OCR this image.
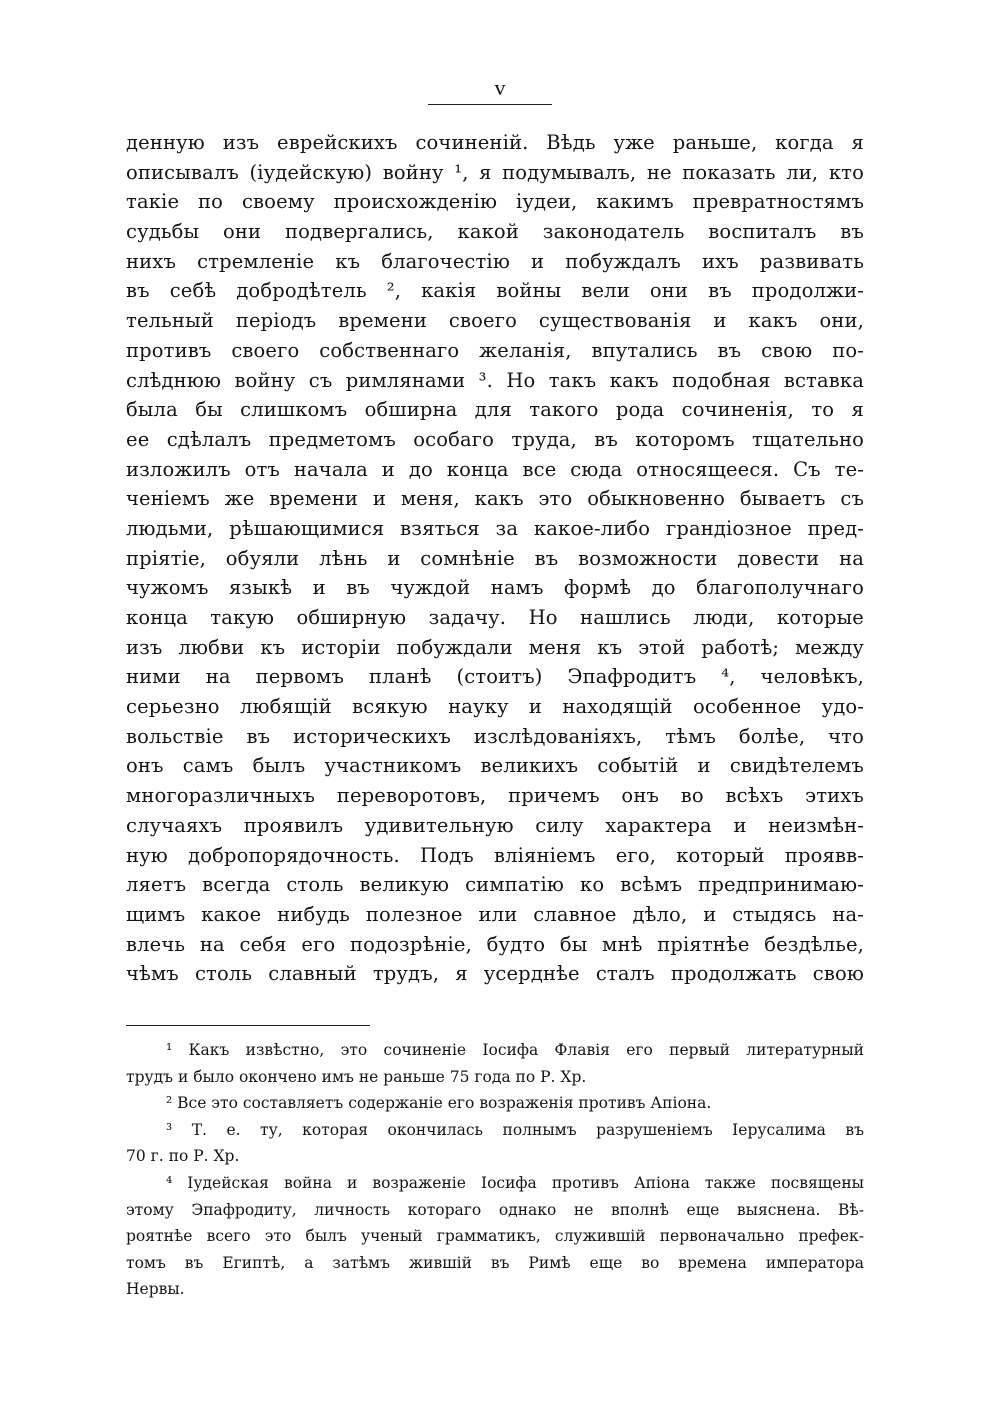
v
денную изъ еврейскихъ сочиненій. Вѣдь уже раньше, когда я
описывалъ (іудейскую) войну ¹, я подумывалъ, не показать ли, кто
такіе по своему происхожденію іудеи, какимъ превратностямъ
судьбы они подвергались, какой законодатель воспиталъ въ
нихъ стремленіе къ благочестію и побуждалъ ихъ развивать
въ себѣ добродѣтель ², какія войны вели они въ продолжи-
тельный періодъ времени своего существованія и какъ они,
противъ своего собственнаго желанія, впутались въ свою по-
слѣднюю войну съ римлянами ³. Но такъ какъ подобная вставка
была бы слишкомъ обширна для такого рода сочиненія, то я
ее сдѣлалъ предметомъ особаго труда, въ которомъ тщательно
изложилъ отъ начала и до конца все сюда относящееся. Съ те-
ченіемъ же времени и меня, какъ это обыкновенно бываетъ съ
людьми, рѣшающимися взяться за какое-либо грандіозное пред-
пріятіе, обуяли лѣнь и сомнѣніе въ возможности довести на
чужомъ языкѣ и въ чуждой намъ формѣ до благополучнаго
конца такую обширную задачу. Но нашлись люди, которые
изъ любви къ исторіи побуждали меня къ этой работѣ; между
ними на первомъ планѣ (стоитъ) Эпафродитъ ⁴, человѣкъ,
серьезно любящій всякую науку и находящій особенное удо-
вольствіе въ историческихъ изслѣдованіяхъ, тѣмъ болѣе, что
онъ самъ былъ участникомъ великихъ событій и свидѣтелемъ
многоразличныхъ переворотовъ, причемъ онъ во всѣхъ этихъ
случаяхъ проявилъ удивительную силу характера и неизмѣн-
ную добропорядочность. Подъ вліяніемъ его, который проявв-
ляетъ всегда столь великую симпатію ко всѣмъ предпринимаю-
щимъ какое нибудь полезное или славное дѣло, и стыдясь на-
влечь на себя его подозрѣніе, будто бы мнѣ пріятнѣе бездѣлье,
чѣмъ столь славный трудъ, я усерднѣе сталъ продолжать свою
¹ Какъ извѣстно, это сочиненіе Іосифа Флавія его первый литературный
трудъ и было окончено имъ не раньше 75 года по Р. Хр.
² Все это составляетъ содержаніе его возраженія противъ Апіона.
³ Т. е. ту, которая окончилась полнымъ разрушеніемъ Іерусалима въ
70 г. по Р. Хр.
⁴ Іудейская война и возраженіе Іосифа противъ Апіона также посвящены
этому Эпафродиту, личность котораго однако не вполнѣ еще выяснена. Вѣ-
роятнѣе всего это былъ ученый грамматикъ, служившій первоначально префек-
томъ въ Египтѣ, а затѣмъ жившій въ Римѣ еще во времена императора
Нервы.
